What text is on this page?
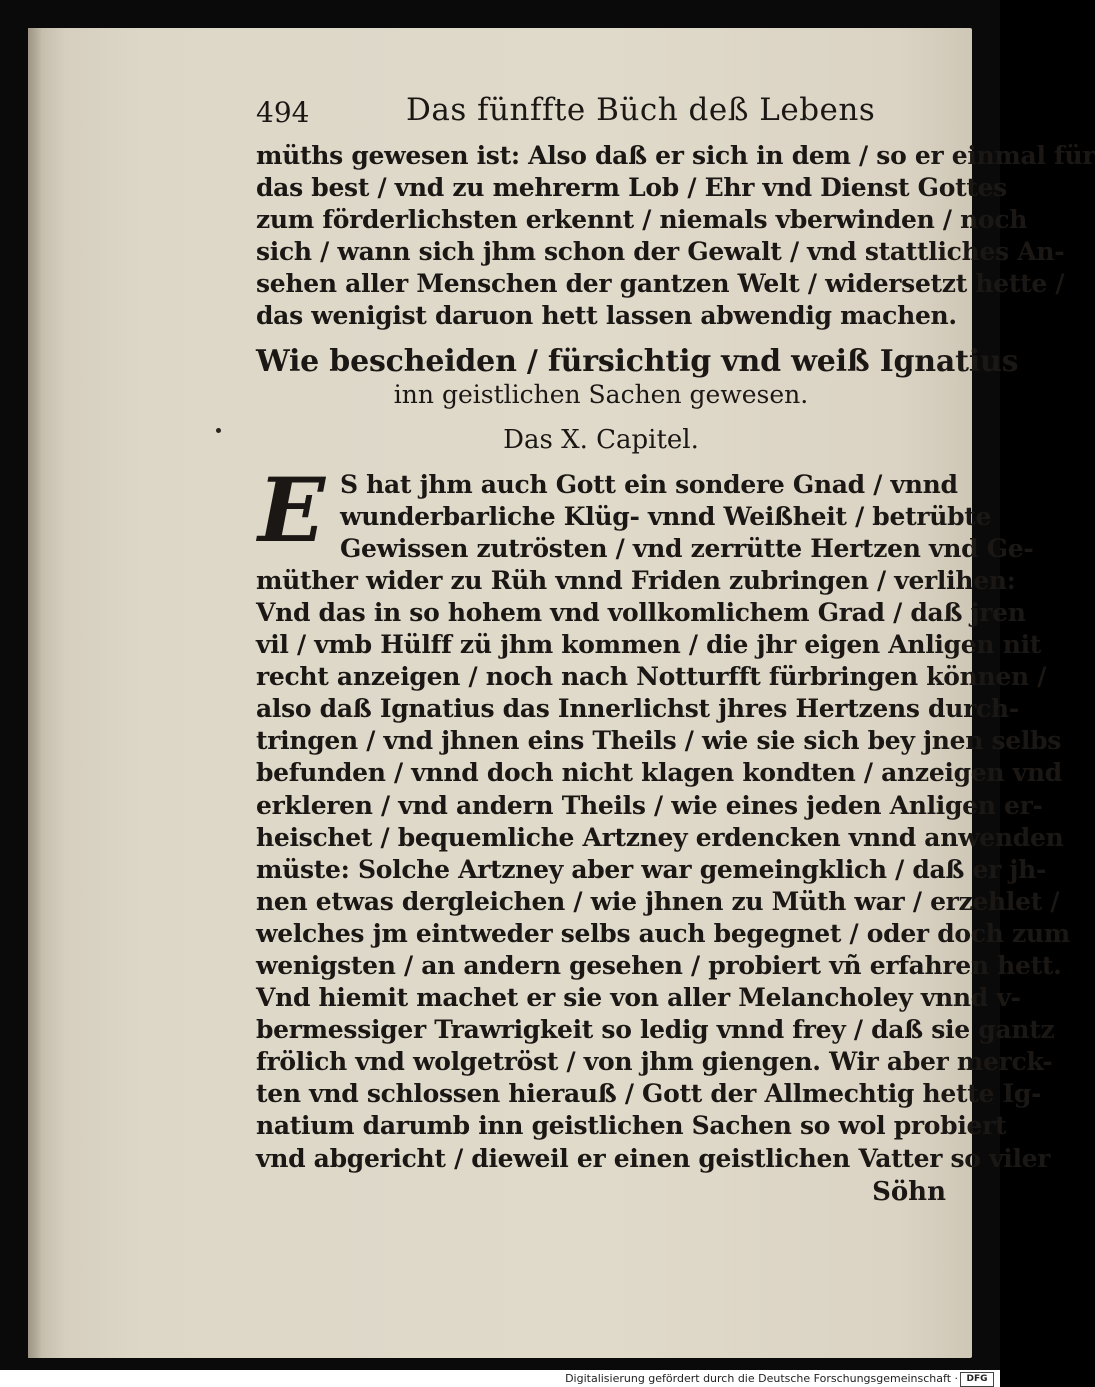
494	Das fünffte Büch deß Lebens
müths gewesen ist: Also daß er sich in dem / so er einmal für
das best / vnd zu mehrerm Lob / Ehr vnd Dienst Gottes
zum förderlichsten erkennt / niemals vberwinden / noch
sich / wann sich jhm schon der Gewalt / vnd stattliches An-
sehen aller Menschen der gantzen Welt / widersetzt hette /
das wenigist daruon hett lassen abwendig machen.
Wie bescheiden / fürsichtig vnd weiß Ignatius
inn geistlichen Sachen gewesen.
Das X. Capitel.
E S hat jhm auch Gott ein sondere Gnad / vnnd
wunderbarliche Klüg- vnnd Weißheit / betrübte
Gewissen zutrösten / vnd zerrütte Hertzen vnd Ge-
müther wider zu Rüh vnnd Friden zubringen / verlihen:
Vnd das in so hohem vnd vollkomlichem Grad / daß jren
vil / vmb Hülff zü jhm kommen / die jhr eigen Anligen nit
recht anzeigen / noch nach Notturfft fürbringen können /
also daß Ignatius das Innerlichst jhres Hertzens durch-
tringen / vnd jhnen eins Theils / wie sie sich bey jnen selbs
befunden / vnnd doch nicht klagen kondten / anzeigen vnd
erkleren / vnd andern Theils / wie eines jeden Anligen er-
heischet / bequemliche Artzney erdencken vnnd anwenden
müste: Solche Artzney aber war gemeingklich / daß er jh-
nen etwas dergleichen / wie jhnen zu Müth war / erzehlet /
welches jm eintweder selbs auch begegnet / oder doch zum
wenigsten / an andern gesehen / probiert vñ erfahren hett.
Vnd hiemit machet er sie von aller Melancholey vnnd v-
bermessiger Trawrigkeit so ledig vnnd frey / daß sie gantz
frölich vnd wolgetröst / von jhm giengen. Wir aber merck-
ten vnd schlossen hierauß / Gott der Allmechtig hette Ig-
natium darumb inn geistlichen Sachen so wol probiert
vnd abgericht / dieweil er einen geistlichen Vatter so viler
Söhn
Digitalisierung gefördert durch die Deutsche Forschungsgemeinschaft · DFG
